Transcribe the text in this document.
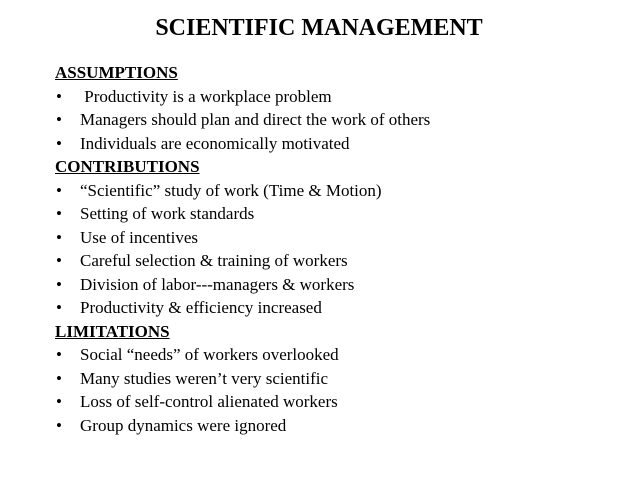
SCIENTIFIC MANAGEMENT
ASSUMPTIONS
• Productivity is a workplace problem
• Managers should plan and direct the work of others
• Individuals are economically motivated
CONTRIBUTIONS
• “Scientific” study of work (Time & Motion)
• Setting of work standards
• Use of incentives
• Careful selection & training of workers
• Division of labor---managers & workers
• Productivity & efficiency increased
LIMITATIONS
• Social “needs” of workers overlooked
• Many studies weren’t very scientific
• Loss of self-control alienated workers
• Group dynamics were ignored
